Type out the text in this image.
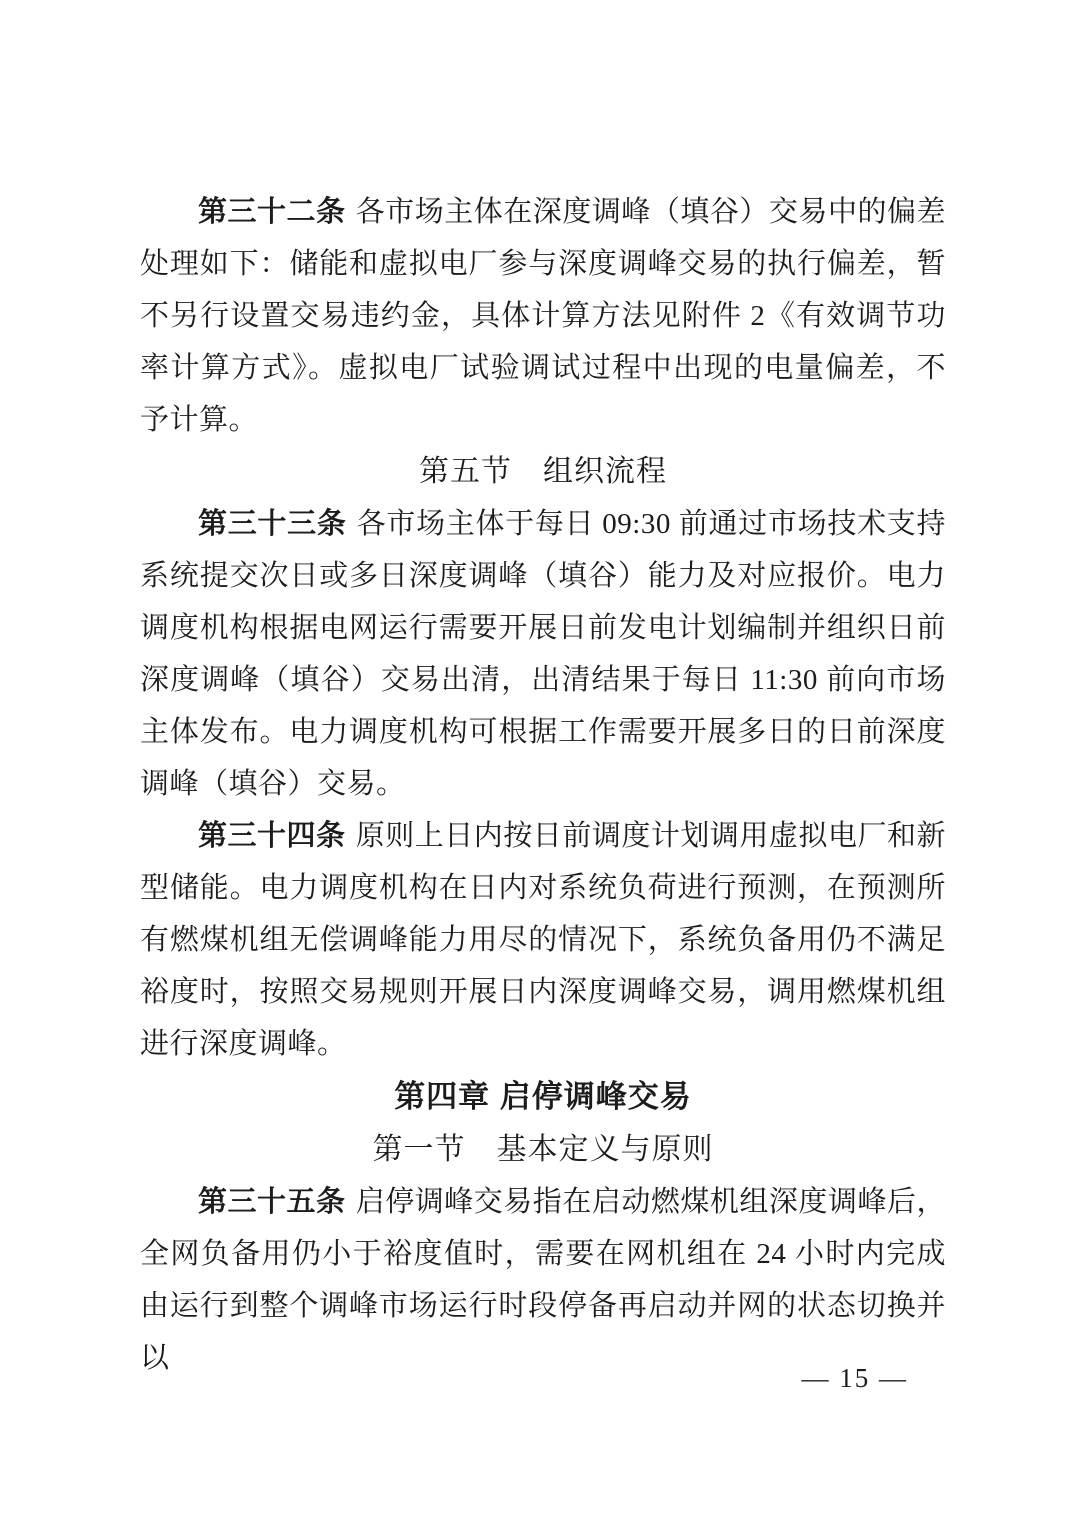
第三十二条 各市场主体在深度调峰（填谷）交易中的偏差处理如下：储能和虚拟电厂参与深度调峰交易的执行偏差，暂不另行设置交易违约金，具体计算方法见附件 2《有效调节功率计算方式》。虚拟电厂试验调试过程中出现的电量偏差，不予计算。

第五节　组织流程

第三十三条 各市场主体于每日 09:30 前通过市场技术支持系统提交次日或多日深度调峰（填谷）能力及对应报价。电力调度机构根据电网运行需要开展日前发电计划编制并组织日前深度调峰（填谷）交易出清，出清结果于每日 11:30 前向市场主体发布。电力调度机构可根据工作需要开展多日的日前深度调峰（填谷）交易。

第三十四条 原则上日内按日前调度计划调用虚拟电厂和新型储能。电力调度机构在日内对系统负荷进行预测，在预测所有燃煤机组无偿调峰能力用尽的情况下，系统负备用仍不满足裕度时，按照交易规则开展日内深度调峰交易，调用燃煤机组进行深度调峰。

第四章 启停调峰交易
第一节　基本定义与原则

第三十五条 启停调峰交易指在启动燃煤机组深度调峰后，全网负备用仍小于裕度值时，需要在网机组在 24 小时内完成由运行到整个调峰市场运行时段停备再启动并网的状态切换并以

— 15 —
